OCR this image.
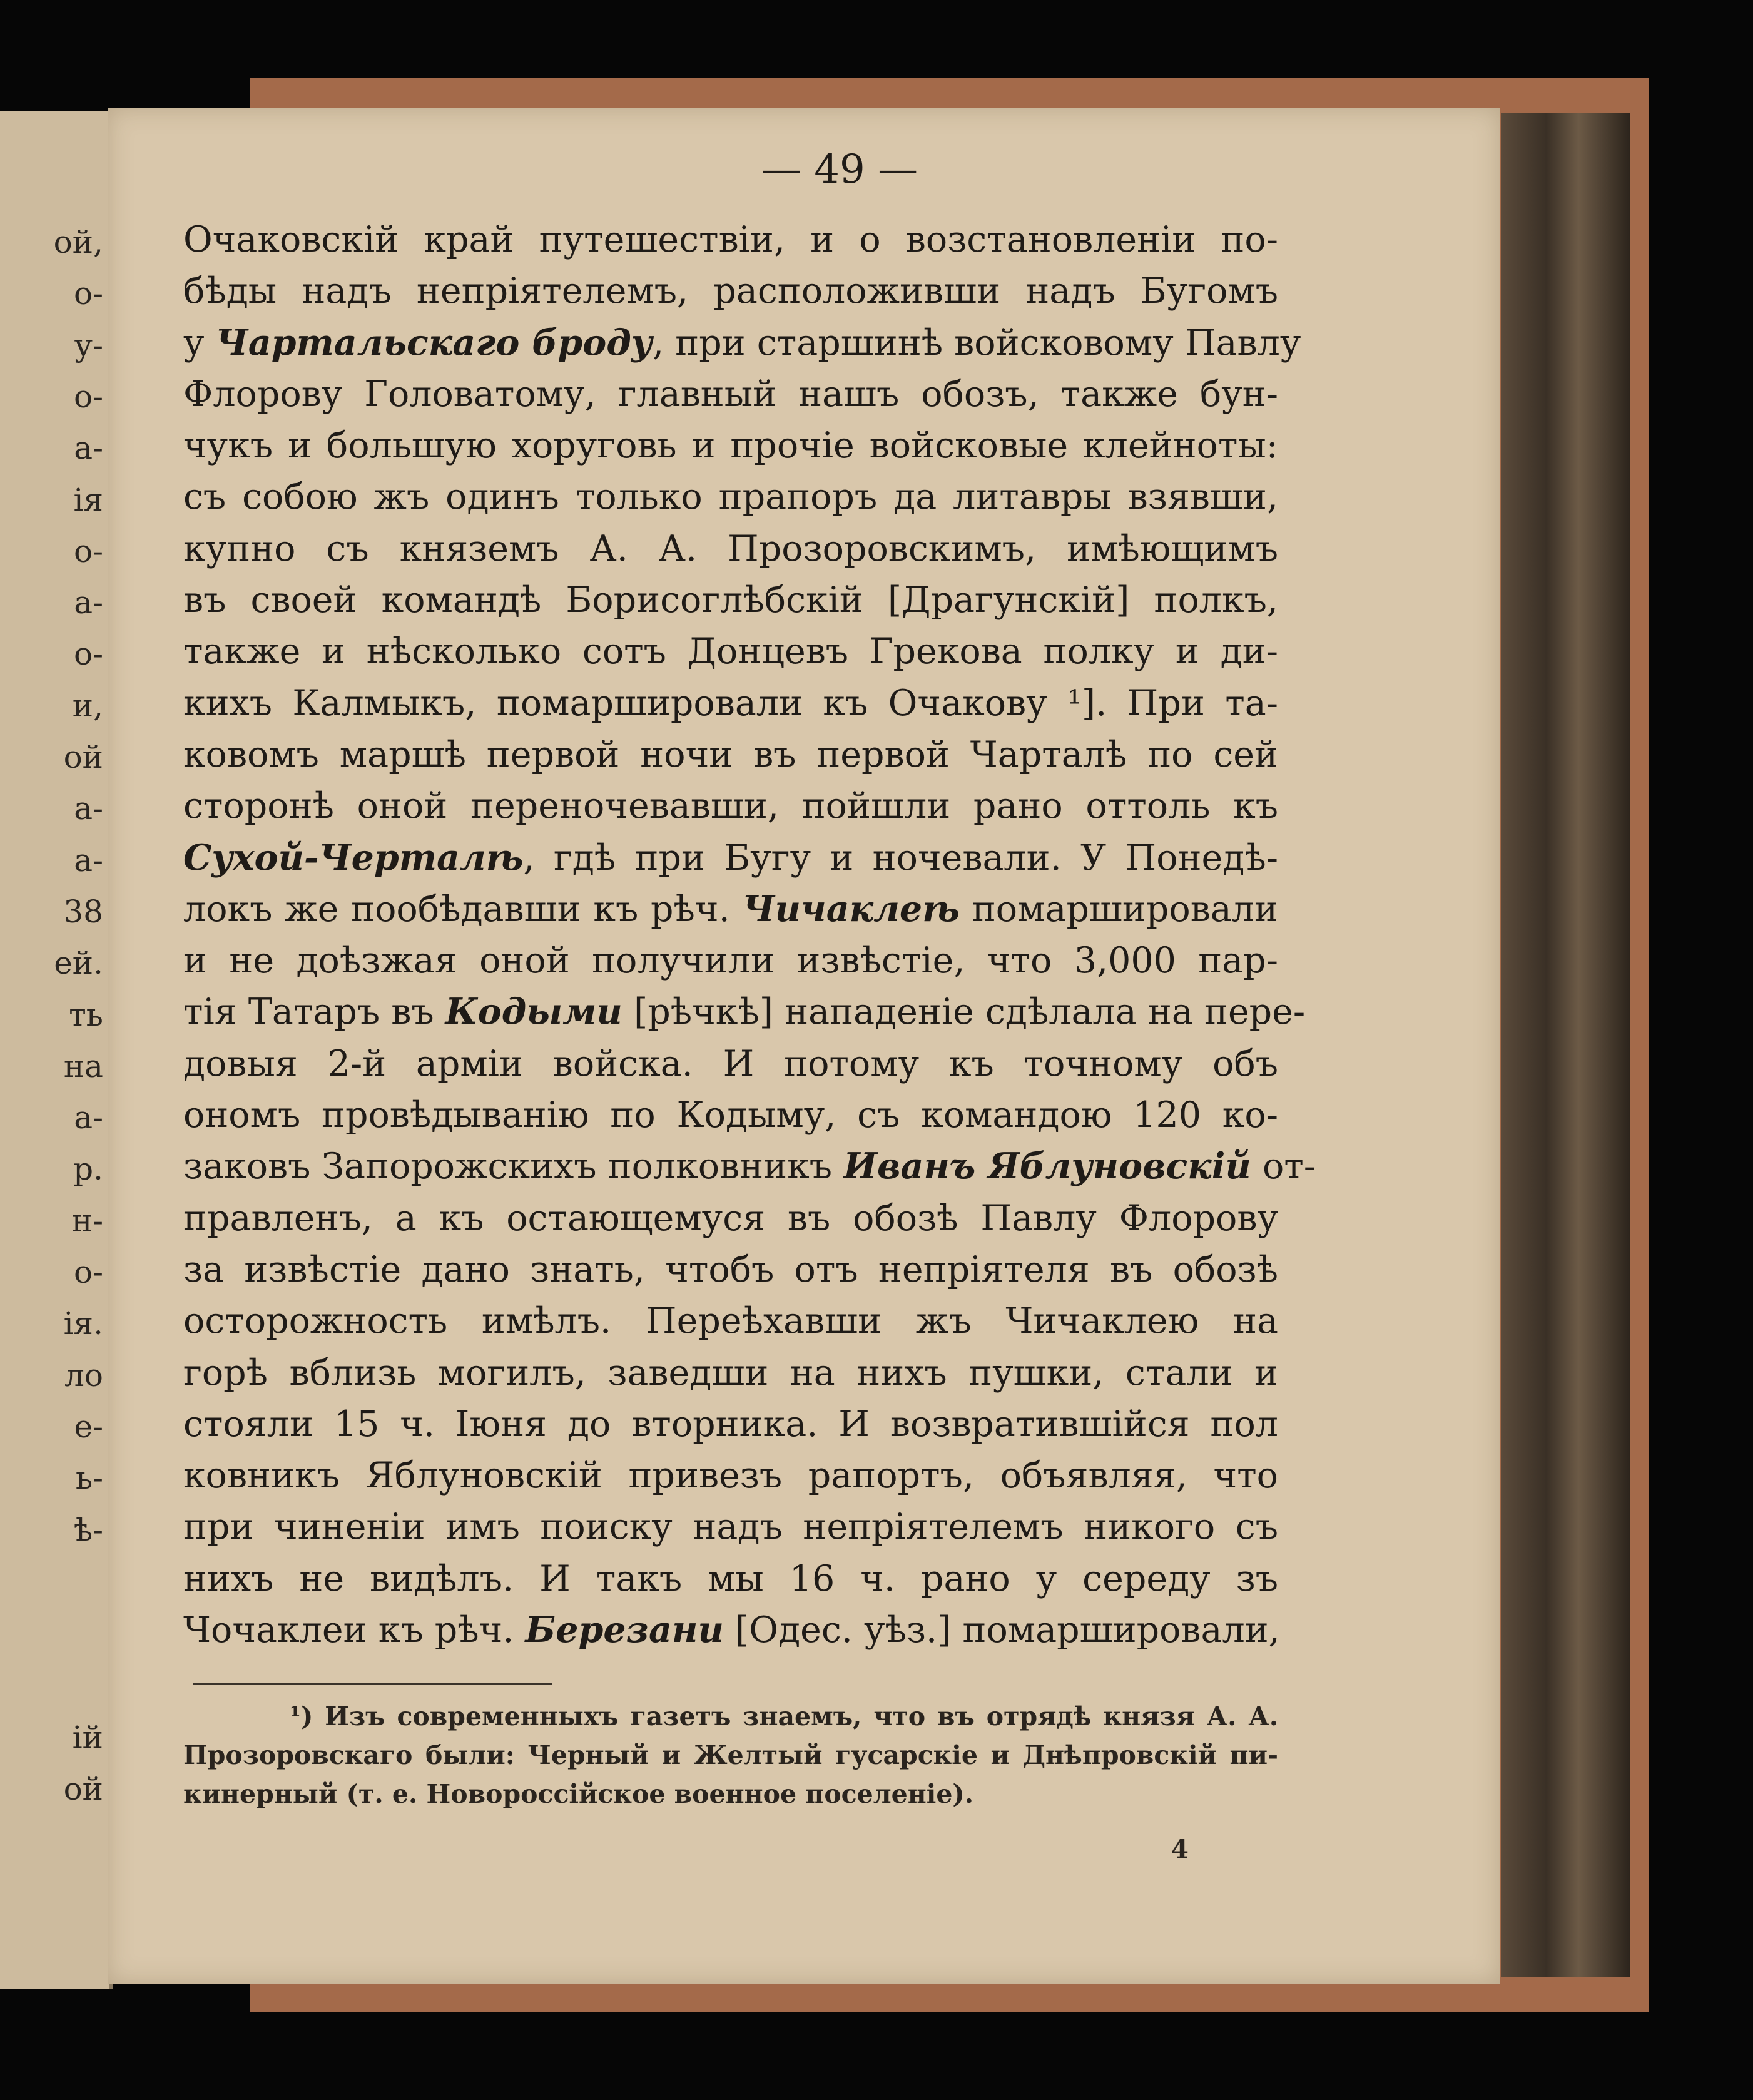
ой,
о-
у-
о-
а-
ія
о-
а-
о-
и,
ой
а-
а-
38
ей.
ть
на
а-
р.
н-
о-
ія.
ло
е-
ь-
ѣ-
ій
ой
— 49 —
Очаковскій край путешествіи, и о возстановленіи по-
бѣды надъ непріятелемъ, расположивши надъ Бугомъ
у Чартальскаго броду, при старшинѣ войсковому Павлу
Флорову Головатому, главный нашъ обозъ, также бун-
чукъ и большую хоруговь и прочіе войсковые клейноты:
съ собою жъ одинъ только прапоръ да литавры взявши,
купно съ княземъ А. А. Прозоровскимъ, имѣющимъ
въ своей командѣ Борисоглѣбскій [Драгунскій] полкъ,
также и нѣсколько сотъ Донцевъ Грекова полку и ди-
кихъ Калмыкъ, помаршировали къ Очакову ¹]. При та-
ковомъ маршѣ первой ночи въ первой Чарталѣ по сей
сторонѣ оной переночевавши, пойшли рано оттоль къ
Сухой-Черталѣ, гдѣ при Бугу и ночевали. У Понедѣ-
локъ же пообѣдавши къ рѣч. Чичаклеѣ помаршировали
и не доѣзжая оной получили извѣстіе, что 3,000 пар-
тія Татаръ въ Кодыми [рѣчкѣ] нападеніе сдѣлала на пере-
довыя 2-й арміи войска. И потому къ точному объ
ономъ провѣдыванію по Кодыму, съ командою 120 ко-
заковъ Запорожскихъ полковникъ Иванъ Яблуновскій от-
правленъ, а къ остающемуся въ обозѣ Павлу Флорову
за извѣстіе дано знать, чтобъ отъ непріятеля въ обозѣ
осторожность имѣлъ. Переѣхавши жъ Чичаклею на
горѣ вблизь могилъ, заведши на нихъ пушки, стали и
стояли 15 ч. Іюня до вторника. И возвратившійся пол
ковникъ Яблуновскій привезъ рапортъ, объявляя, что
при чиненіи имъ поиску надъ непріятелемъ никого съ
нихъ не видѣлъ. И такъ мы 16 ч. рано у середу зъ
Чочаклеи къ рѣч. Березани [Одес. уѣз.] помаршировали,
¹) Изъ современныхъ газетъ знаемъ, что въ отрядѣ князя А. А.
Прозоровскаго были: Черный и Желтый гусарскіе и Днѣпровскій пи-
кинерный (т. е. Новороссійское военное поселеніе).
4
